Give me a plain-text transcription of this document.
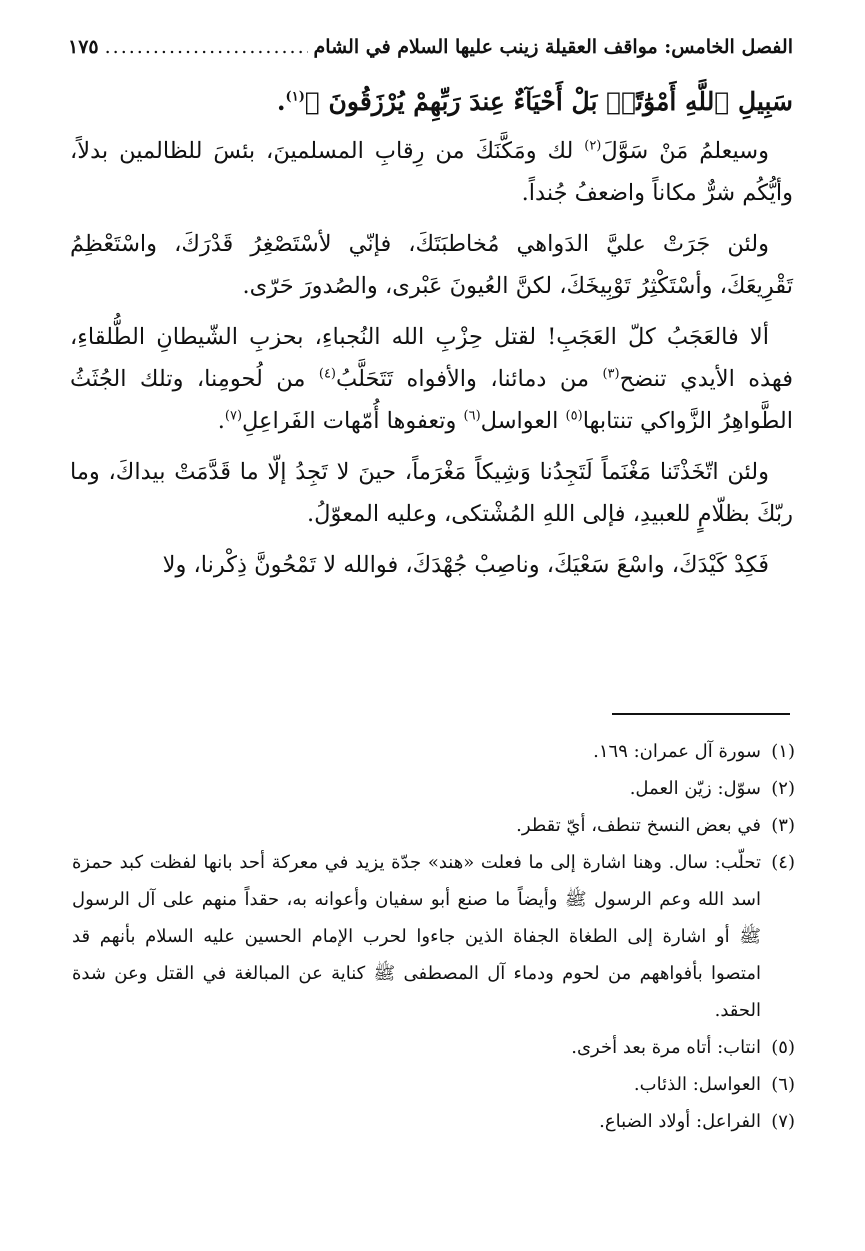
الفصل الخامس: مواقف العقيلة زينب عليها السلام في الشام
.....
١٧٥

سَبِيلِ ٱللَّهِ أَمْوَٰتًاۢ بَلْ أَحْيَآءٌ عِندَ رَبِّهِمْ يُرْزَقُونَ ﴾$^{(١)}$.

وسيعلمُ مَنْ سَوَّلَ$^{(٢)}$ لك ومَكَّنَكَ من رِقابِ المسلمينَ، بئسَ للظالمين بدلاً، وأيُّكُم شرٌّ مكاناً واضعفُ جُنداً.

ولئن جَرَتْ عليَّ الدَواهي مُخاطبَتَكَ، فإنّي لأسْتَصْغِرُ قَدْرَكَ، واسْتَعْظِمُ تَقْرِيعَكَ، وأسْتَكْثِرُ تَوْبِيخَكَ، لكنَّ العُيونَ عَبْرى، والصُدورَ حَرّى.

ألا فالعَجَبُ كلّ العَجَبِ! لقتل حِزْبِ الله النُجباءِ، بحزبِ الشّيطانِ الطُّلقاءِ، فهذه الأيدي تنضح$^{(٣)}$ من دمائنا، والأفواه تَتَحَلَّبُ$^{(٤)}$ من لُحومِنا، وتلك الجُثَثُ الطَّواهِرُ الزَّواكي تنتابها$^{(٥)}$ العواسل$^{(٦)}$ وتعفوها أُمّهات الفَراعِلِ$^{(٧)}$.

ولئن اتّخَذْتَنا مَغْنَماً لَتَجِدُنا وَشِيكاً مَغْرَماً، حينَ لا تَجِدُ إلّا ما قَدَّمَتْ بيداكَ، وما ربّكَ بظلّامٍ للعبيدِ، فإلى اللهِ المُشْتكى، وعليه المعوّلُ.

فَكِدْ كَيْدَكَ، واسْعَ سَعْيَكَ، وناصِبْ جُهْدَكَ، فوالله لا تَمْحُونَّ ذِكْرنا، ولا

(١)
سورة آل عمران: ١٦٩.
(٢)
سوّل: زيّن العمل.
(٣)
في بعض النسخ تنطف، أيّ تقطر.
(٤)
تحلّب: سال. وهنا اشارة إلى ما فعلت «هند» جدّة يزيد في معركة أحد بانها لفظت كبد حمزة اسد الله وعم الرسول ﷺ وأيضاً ما صنع أبو سفيان وأعوانه به، حقداً منهم على آل الرسول ﷺ أو اشارة إلى الطغاة الجفاة الذين جاءوا لحرب الإمام الحسين عليه السلام بأنهم قد امتصوا بأفواههم من لحوم ودماء آل المصطفى ﷺ كناية عن المبالغة في القتل وعن شدة الحقد.
(٥)
انتاب: أتاه مرة بعد أخرى.
(٦)
العواسل: الذئاب.
(٧)
الفراعل: أولاد الضباع.
